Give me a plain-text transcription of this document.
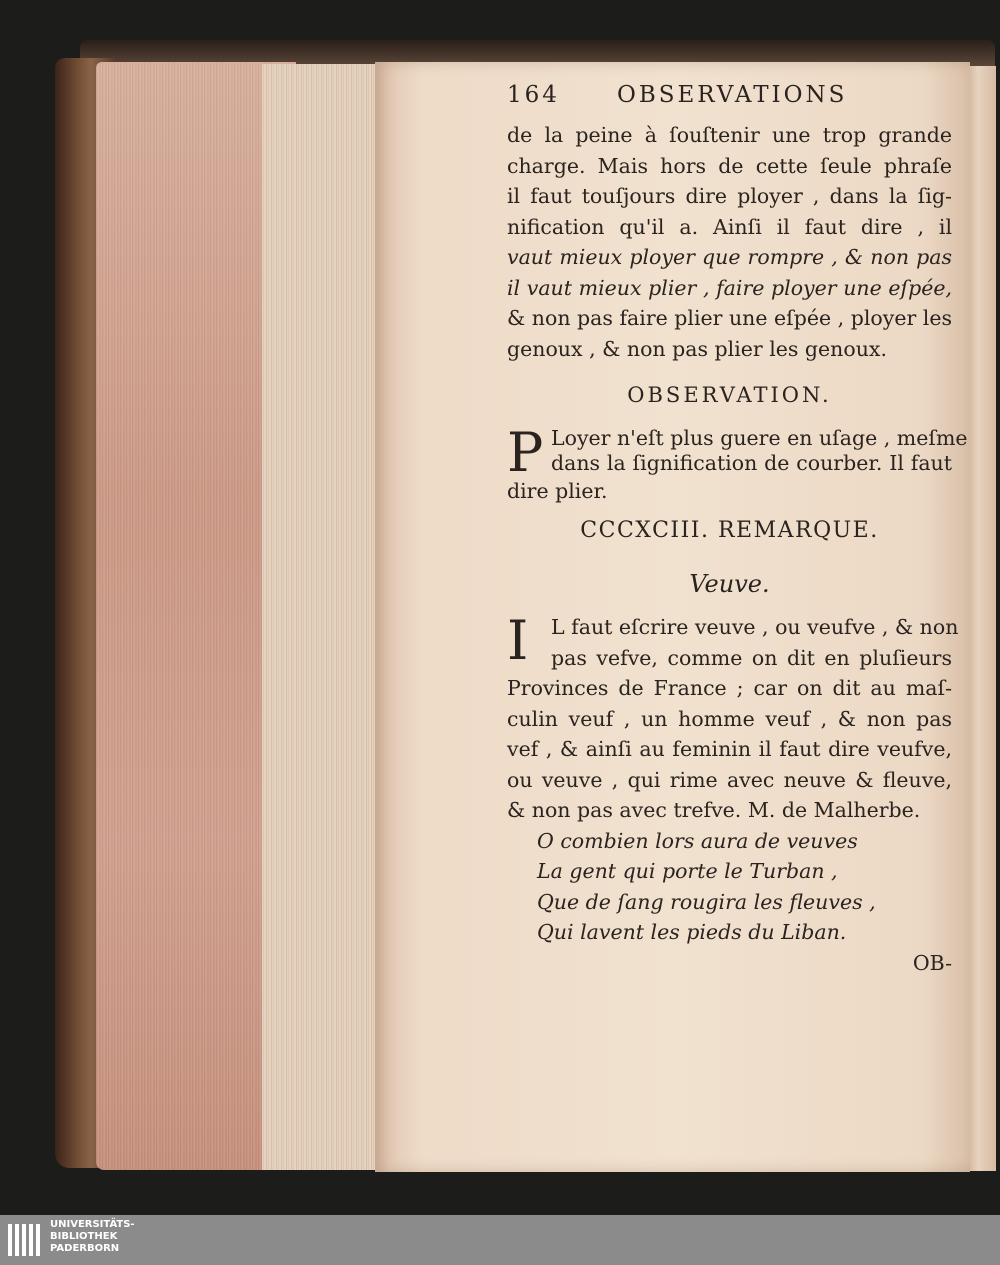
164 OBSERVATIONS
de la peine à ſouſtenir une trop grande
charge. Mais hors de cette ſeule phraſe
il faut touſjours dire ployer , dans la ſig-
nification qu'il a. Ainſi il faut dire , il
vaut mieux ployer que rompre , & non pas
il vaut mieux plier , faire ployer une eſpée,
& non pas faire plier une eſpée , ployer les
genoux , & non pas plier les genoux.
OBSERVATION.
P Loyer n'eſt plus guere en uſage , meſme
dans la ſignification de courber. Il faut
dire plier.
CCCXCIII. REMARQUE.
Veuve.
I	L faut eſcrire veuve , ou veufve , & non
pas vefve, comme on dit en pluſieurs
Provinces de France ; car on dit au maſ-
culin veuf , un homme veuf , & non pas
vef , & ainſi au feminin il faut dire veufve,
ou veuve , qui rime avec neuve & fleuve,
& non pas avec trefve. M. de Malherbe.
O combien lors aura de veuves
La gent qui porte le Turban ,
Que de ſang rougira les fleuves ,
Qui lavent les pieds du Liban.
OB-
UNIVERSITÄTS-
BIBLIOTHEK
PADERBORN
